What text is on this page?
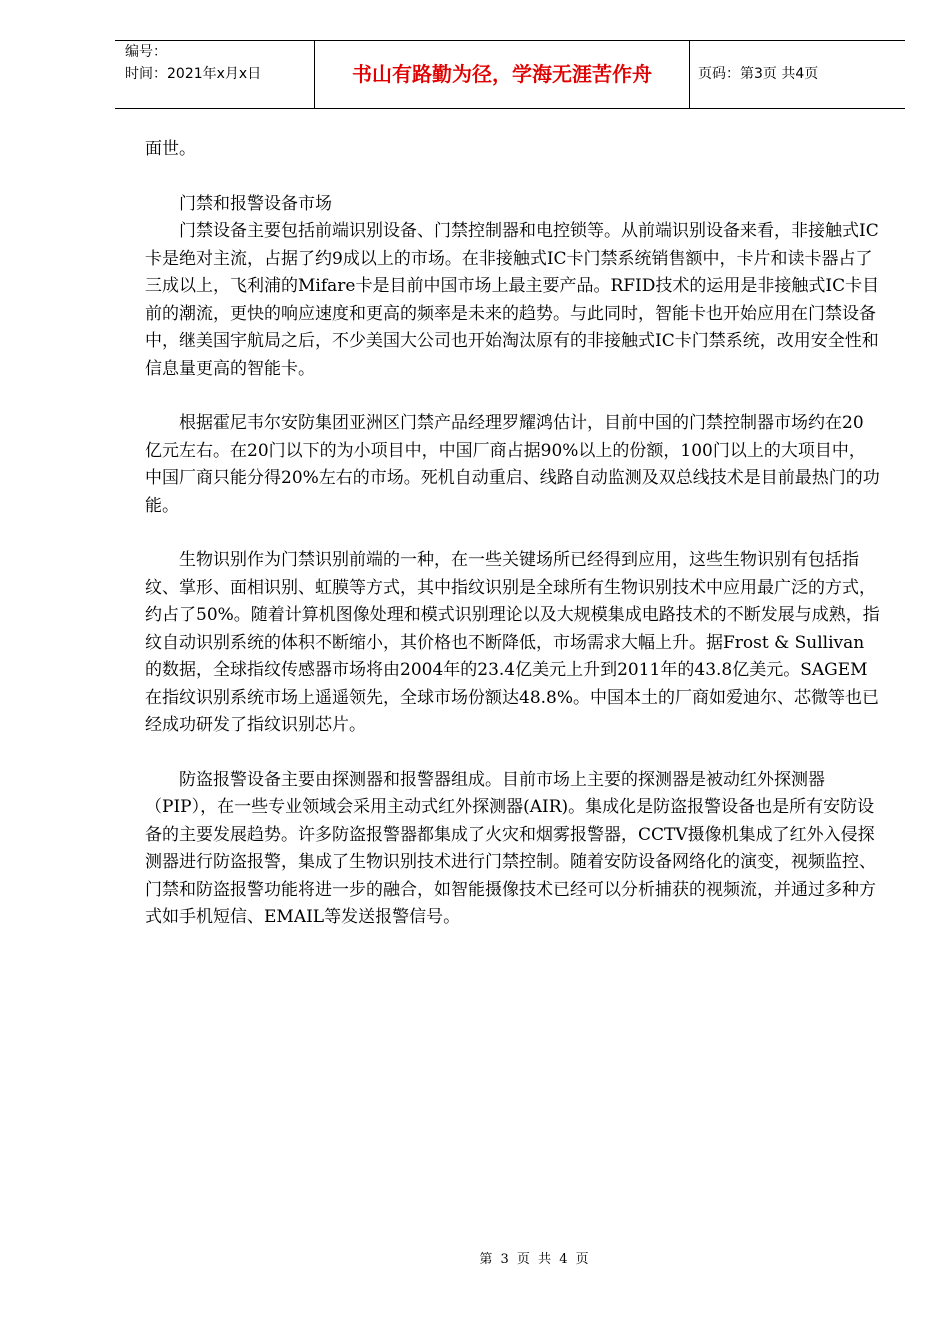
编号：
时间：2021年x月x日	书山有路勤为径，学海无涯苦作舟	页码：第3页 共4页

面世。

门禁和报警设备市场

门禁设备主要包括前端识别设备、门禁控制器和电控锁等。从前端识别设备来看，非接触式IC卡是绝对主流，占据了约9成以上的市场。在非接触式IC卡门禁系统销售额中，卡片和读卡器占了三成以上，飞利浦的Mifare卡是目前中国市场上最主要产品。RFID技术的运用是非接触式IC卡目前的潮流，更快的响应速度和更高的频率是未来的趋势。与此同时，智能卡也开始应用在门禁设备中，继美国宇航局之后，不少美国大公司也开始淘汰原有的非接触式IC卡门禁系统，改用安全性和信息量更高的智能卡。

根据霍尼韦尔安防集团亚洲区门禁产品经理罗耀鸿估计，目前中国的门禁控制器市场约在20亿元左右。在20门以下的为小项目中，中国厂商占据90%以上的份额，100门以上的大项目中，中国厂商只能分得20%左右的市场。死机自动重启、线路自动监测及双总线技术是目前最热门的功能。

生物识别作为门禁识别前端的一种，在一些关键场所已经得到应用，这些生物识别有包括指纹、掌形、面相识别、虹膜等方式，其中指纹识别是全球所有生物识别技术中应用最广泛的方式，约占了50%。随着计算机图像处理和模式识别理论以及大规模集成电路技术的不断发展与成熟，指纹自动识别系统的体积不断缩小，其价格也不断降低，市场需求大幅上升。据Frost & Sullivan的数据，全球指纹传感器市场将由2004年的23.4亿美元上升到2011年的43.8亿美元。SAGEM在指纹识别系统市场上遥遥领先，全球市场份额达48.8%。中国本土的厂商如爱迪尔、芯微等也已经成功研发了指纹识别芯片。

防盗报警设备主要由探测器和报警器组成。目前市场上主要的探测器是被动红外探测器（PIP），在一些专业领域会采用主动式红外探测器(AIR)。集成化是防盗报警设备也是所有安防设备的主要发展趋势。许多防盗报警器都集成了火灾和烟雾报警器，CCTV摄像机集成了红外入侵探测器进行防盗报警，集成了生物识别技术进行门禁控制。随着安防设备网络化的演变，视频监控、门禁和防盗报警功能将进一步的融合，如智能摄像技术已经可以分析捕获的视频流，并通过多种方式如手机短信、EMAIL等发送报警信号。

第 3 页 共 4 页
